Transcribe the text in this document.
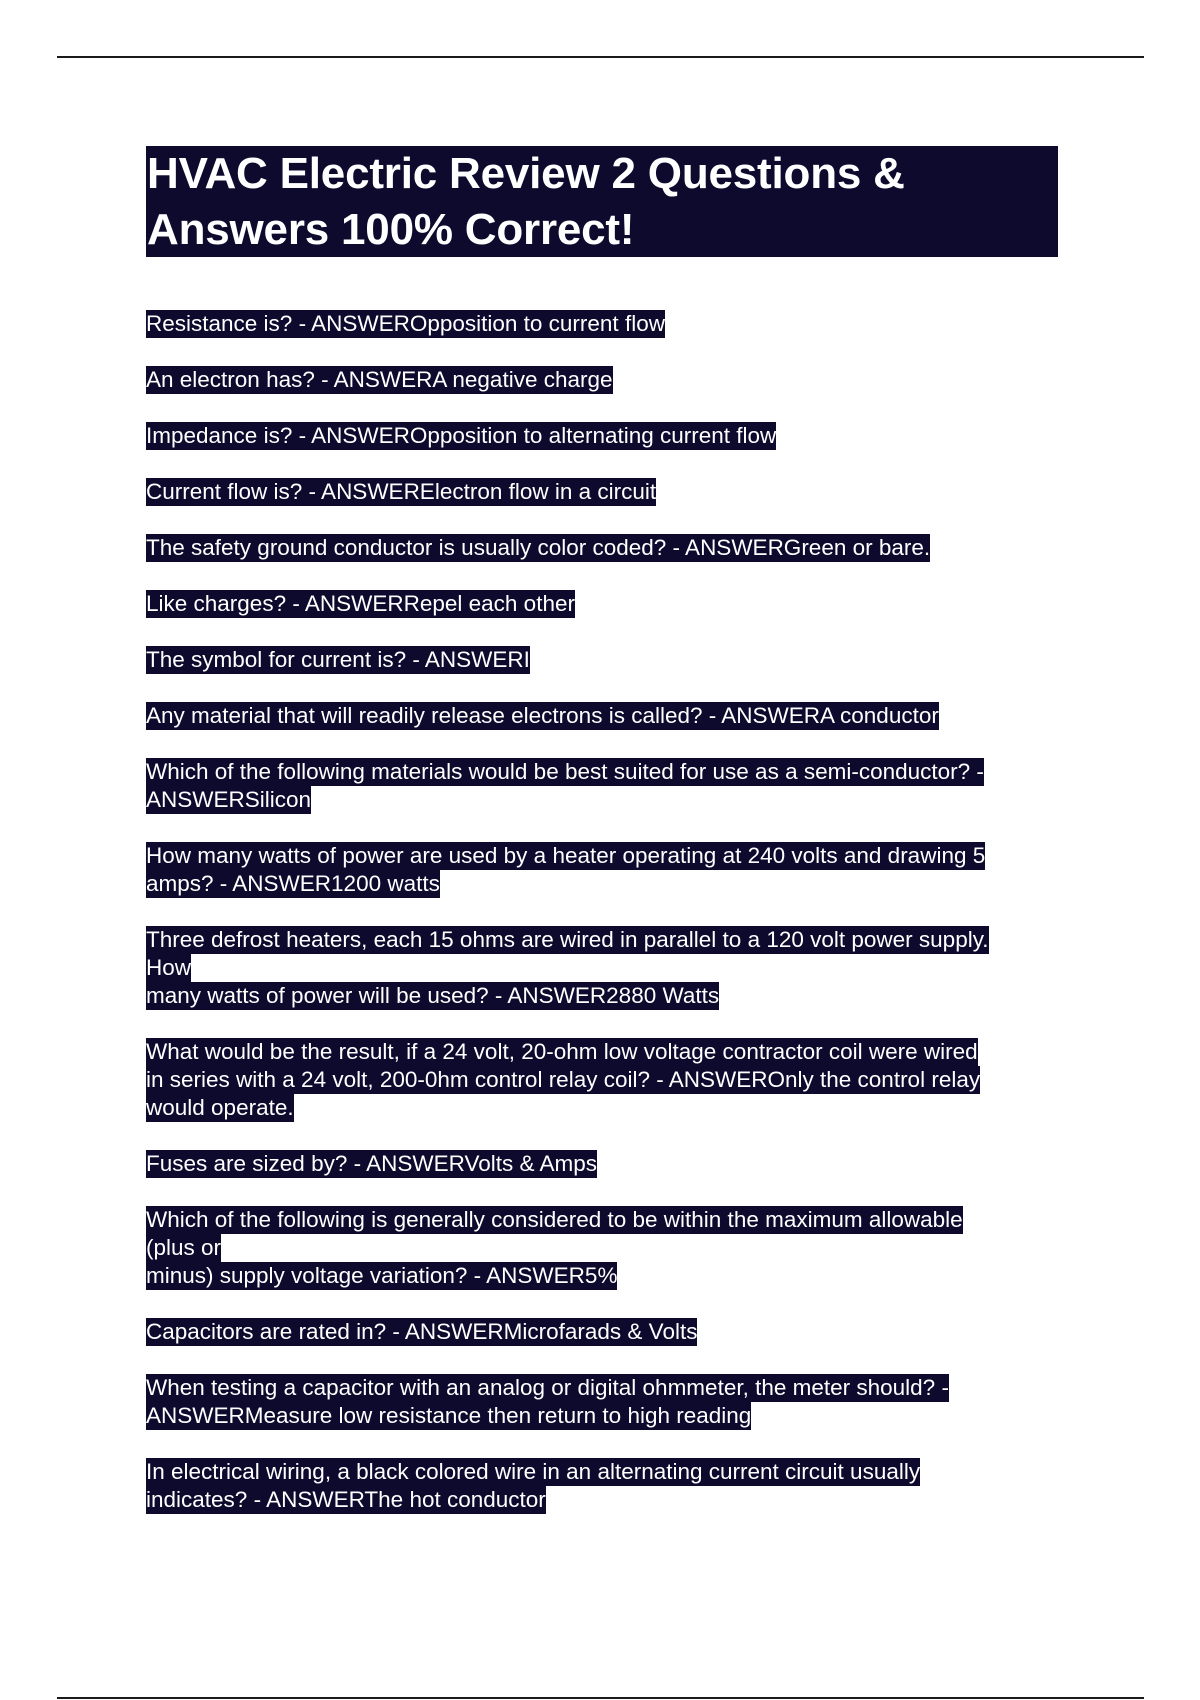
HVAC Electric Review 2 Questions & Answers 100% Correct!
Resistance is? - ANSWEROpposition to current flow
An electron has? - ANSWERA negative charge
Impedance is? - ANSWEROpposition to alternating current flow
Current flow is? - ANSWERElectron flow in a circuit
The safety ground conductor is usually color coded? - ANSWERGreen or bare.
Like charges? - ANSWERRepel each other
The symbol for current is? - ANSWERI
Any material that will readily release electrons is called? - ANSWERA conductor
Which of the following materials would be best suited for use as a semi-conductor? -
ANSWERSilicon
How many watts of power are used by a heater operating at 240 volts and drawing 5
amps? - ANSWER1200 watts
Three defrost heaters, each 15 ohms are wired in parallel to a 120 volt power supply.
How
many watts of power will be used? - ANSWER2880 Watts
What would be the result, if a 24 volt, 20-ohm low voltage contractor coil were wired
in series with a 24 volt, 200-0hm control relay coil? - ANSWEROnly the control relay
would operate.
Fuses are sized by? - ANSWERVolts & Amps
Which of the following is generally considered to be within the maximum allowable
(plus or
minus) supply voltage variation? - ANSWER5%
Capacitors are rated in? - ANSWERMicrofarads & Volts
When testing a capacitor with an analog or digital ohmmeter, the meter should? -
ANSWERMeasure low resistance then return to high reading
In electrical wiring, a black colored wire in an alternating current circuit usually
indicates? - ANSWERThe hot conductor
